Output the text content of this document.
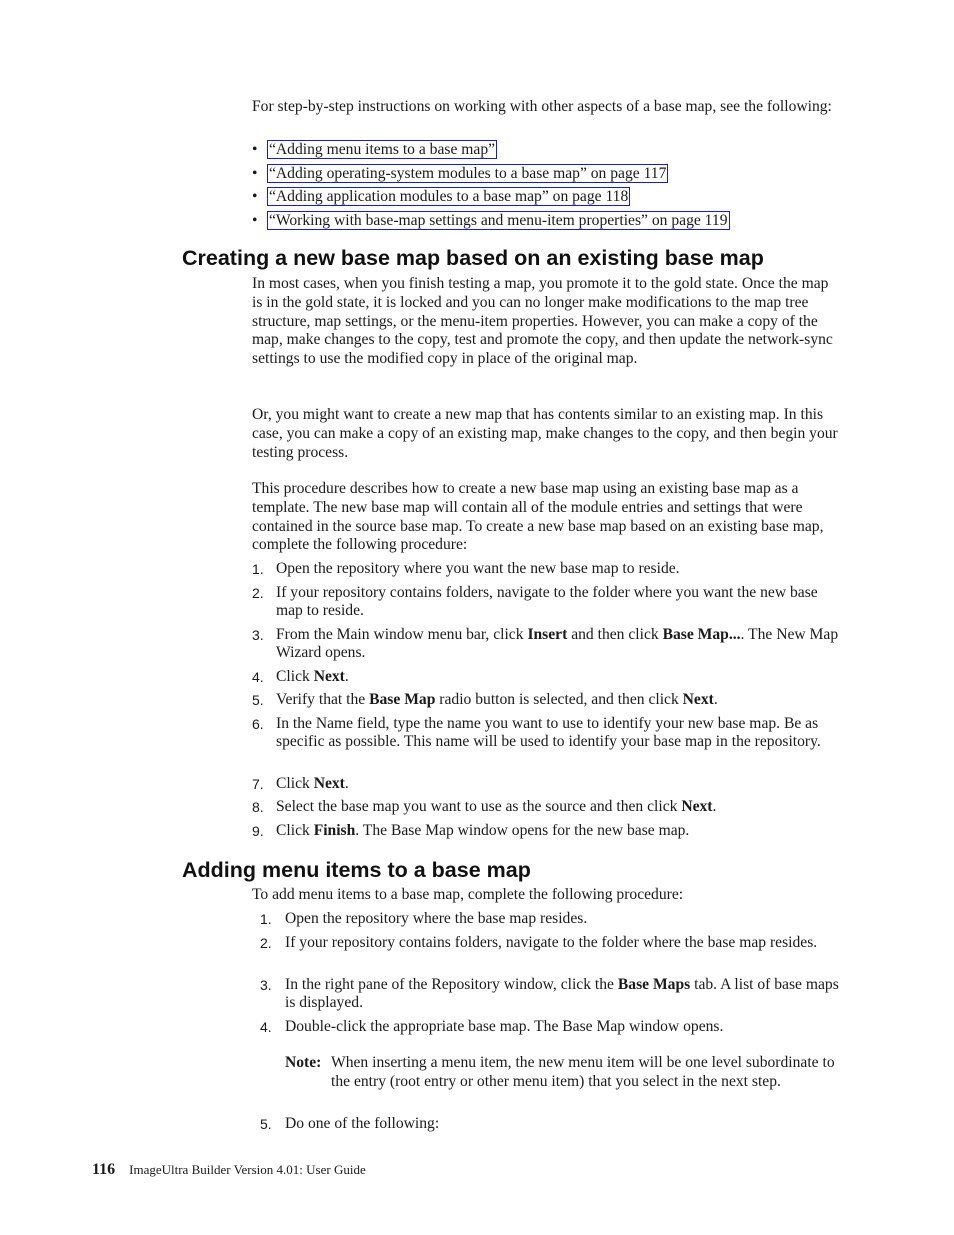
For step-by-step instructions on working with other aspects of a base map, see the following:
• “Adding menu items to a base map”
• “Adding operating-system modules to a base map” on page 117
• “Adding application modules to a base map” on page 118
• “Working with base-map settings and menu-item properties” on page 119
Creating a new base map based on an existing base map
In most cases, when you finish testing a map, you promote it to the gold state. Once the map is in the gold state, it is locked and you can no longer make modifications to the map tree structure, map settings, or the menu-item properties. However, you can make a copy of the map, make changes to the copy, test and promote the copy, and then update the network-sync settings to use the modified copy in place of the original map.
Or, you might want to create a new map that has contents similar to an existing map. In this case, you can make a copy of an existing map, make changes to the copy, and then begin your testing process.
This procedure describes how to create a new base map using an existing base map as a template. The new base map will contain all of the module entries and settings that were contained in the source base map. To create a new base map based on an existing base map, complete the following procedure:
1. Open the repository where you want the new base map to reside.
2. If your repository contains folders, navigate to the folder where you want the new base map to reside.
3. From the Main window menu bar, click Insert and then click Base Map.... The New Map Wizard opens.
4. Click Next.
5. Verify that the Base Map radio button is selected, and then click Next.
6. In the Name field, type the name you want to use to identify your new base map. Be as specific as possible. This name will be used to identify your base map in the repository.
7. Click Next.
8. Select the base map you want to use as the source and then click Next.
9. Click Finish. The Base Map window opens for the new base map.
Adding menu items to a base map
To add menu items to a base map, complete the following procedure:
1. Open the repository where the base map resides.
2. If your repository contains folders, navigate to the folder where the base map resides.
3. In the right pane of the Repository window, click the Base Maps tab. A list of base maps is displayed.
4. Double-click the appropriate base map. The Base Map window opens.
5. Do one of the following:
Note: When inserting a menu item, the new menu item will be one level subordinate to the entry (root entry or other menu item) that you select in the next step.
116 ImageUltra Builder Version 4.01: User Guide
